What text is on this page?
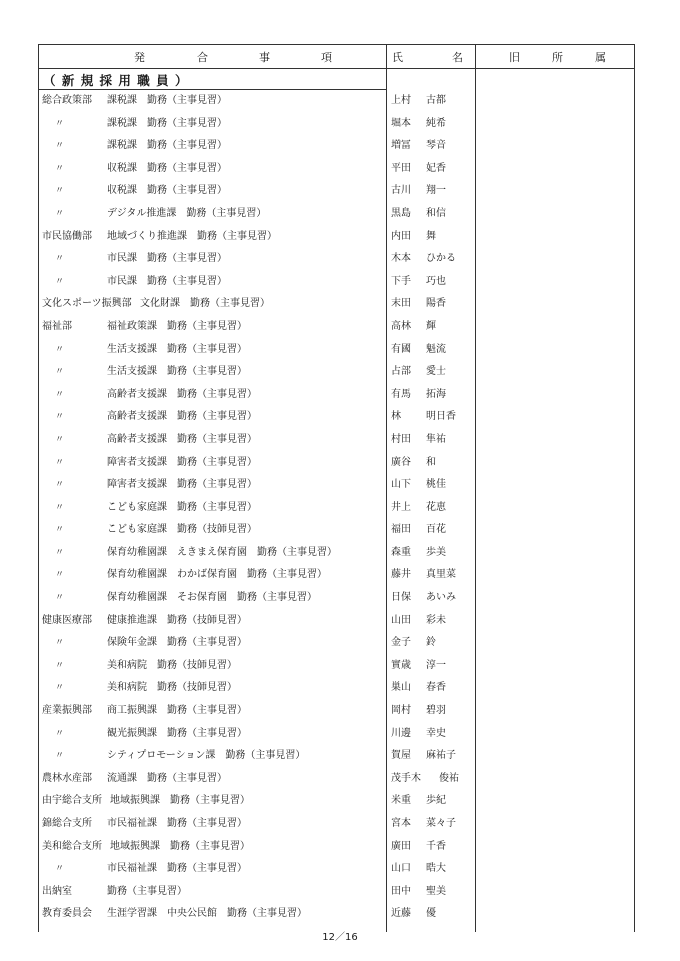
発	合	事	項	氏	名	旧	所	属
（ 新 規 採 用 職 員 ）
総合政策部 課税課　勤務（主事見習）	上村 古都
〃	課税課　勤務（主事見習）	堀本 純希
〃	課税課　勤務（主事見習）	増冨 琴音
〃	収税課　勤務（主事見習）	平田 妃香
〃	収税課　勤務（主事見習）	古川 翔一
〃	デジタル推進課　勤務（主事見習）	黒島 和信
市民協働部 地域づくり推進課　勤務（主事見習）	内田 舞
〃	市民課　勤務（主事見習）	木本 ひかる
〃	市民課　勤務（主事見習）	下手 巧也
文化スポーツ振興部 文化財課　勤務（主事見習）	末田 陽香
福祉部	福祉政策課　勤務（主事見習）	高林 輝
〃	生活支援課　勤務（主事見習）	有國 魁流
〃	生活支援課　勤務（主事見習）	占部 愛士
〃	高齢者支援課　勤務（主事見習）	有馬 拓海
〃	高齢者支援課　勤務（主事見習）	林	明日香
〃	高齢者支援課　勤務（主事見習）	村田 隼祐
〃	障害者支援課　勤務（主事見習）	廣谷 和
〃	障害者支援課　勤務（主事見習）	山下 桃佳
〃	こども家庭課　勤務（主事見習）	井上 花恵
〃	こども家庭課　勤務（技師見習）	福田 百花
〃	保育幼稚園課　えきまえ保育園　勤務（主事見習）	森重 歩美
〃	保育幼稚園課　わかば保育園　勤務（主事見習）	藤井 真里菜
〃	保育幼稚園課　そお保育園　勤務（主事見習）	日保 あいみ
健康医療部 健康推進課　勤務（技師見習）	山田 彩未
〃	保険年金課　勤務（主事見習）	金子 鈴
〃	美和病院　勤務（技師見習）	實歳 淳一
〃	美和病院　勤務（技師見習）	巣山 春香
産業振興部 商工振興課　勤務（主事見習）	岡村 碧羽
〃	観光振興課　勤務（主事見習）	川邊 幸史
〃	シティプロモーション課　勤務（主事見習）	賀屋 麻祐子
農林水産部 流通課　勤務（主事見習）	茂手木 俊祐
由宇総合支所 地域振興課　勤務（主事見習）	米重 歩紀
錦総合支所 市民福祉課　勤務（主事見習）	宮本 菜々子
美和総合支所 地域振興課　勤務（主事見習）	廣田 千香
〃	市民福祉課　勤務（主事見習）	山口 晧大
出納室	勤務（主事見習）	田中 聖美
教育委員会 生涯学習課　中央公民館　勤務（主事見習）	近藤 優
12／16
